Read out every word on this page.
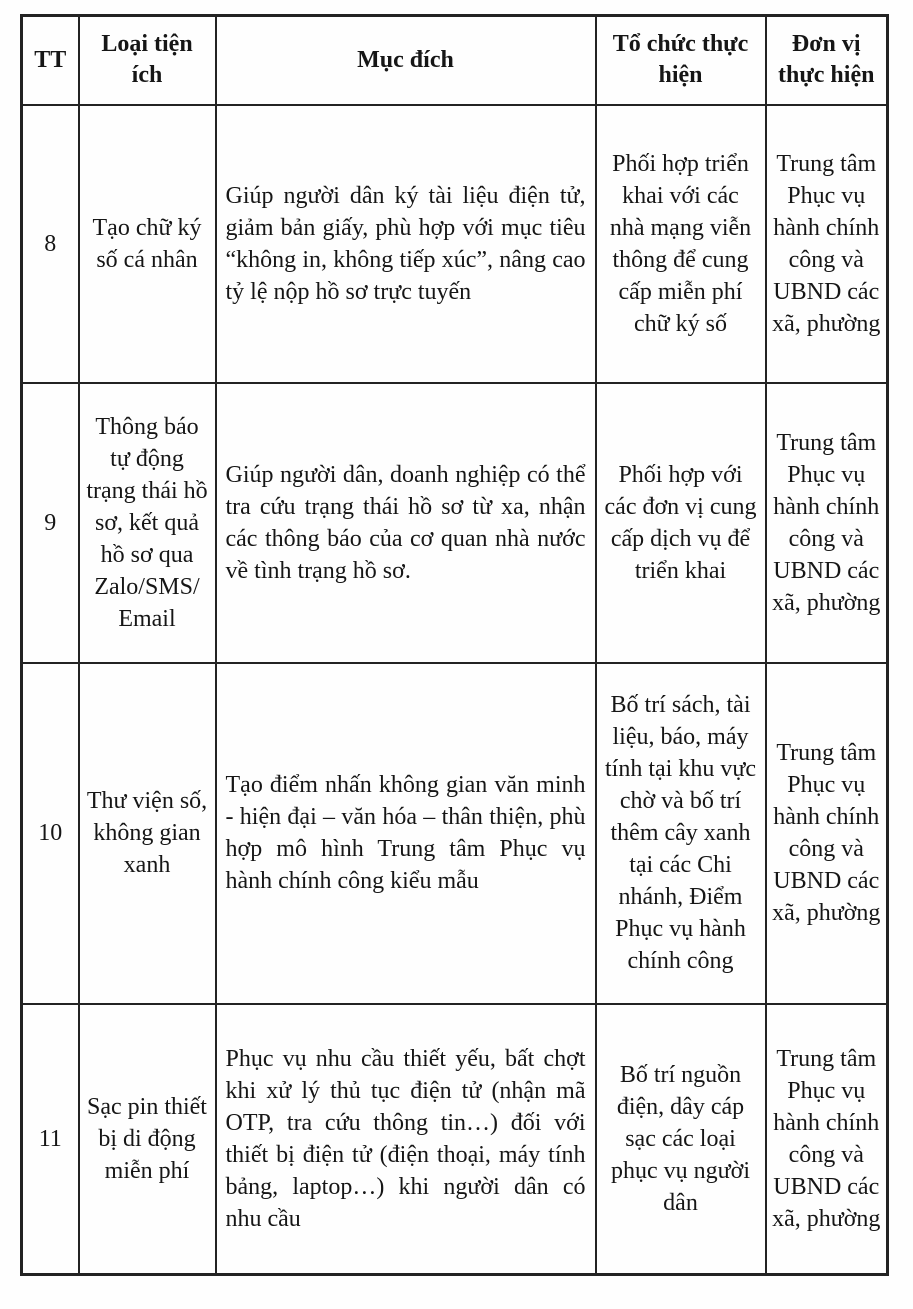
TT	Loại tiện ích	Mục đích	Tổ chức thực hiện	Đơn vị thực hiện
8	Tạo chữ ký số cá nhân	Giúp người dân ký tài liệu điện tử, giảm bản giấy, phù hợp với mục tiêu “không in, không tiếp xúc”, nâng cao tỷ lệ nộp hồ sơ trực tuyến	Phối hợp triển khai với các nhà mạng viễn thông để cung cấp miễn phí chữ ký số	Trung tâm Phục vụ hành chính công và UBND các xã, phường
9	Thông báo tự động trạng thái hồ sơ, kết quả hồ sơ qua Zalo/SMS/ Email	Giúp người dân, doanh nghiệp có thể tra cứu trạng thái hồ sơ từ xa, nhận các thông báo của cơ quan nhà nước về tình trạng hồ sơ.	Phối hợp với các đơn vị cung cấp dịch vụ để triển khai	Trung tâm Phục vụ hành chính công và UBND các xã, phường
10	Thư viện số, không gian xanh	Tạo điểm nhấn không gian văn minh - hiện đại – văn hóa – thân thiện, phù hợp mô hình Trung tâm Phục vụ hành chính công kiểu mẫu	Bố trí sách, tài liệu, báo, máy tính tại khu vực chờ và bố trí thêm cây xanh tại các Chi nhánh, Điểm Phục vụ hành chính công	Trung tâm Phục vụ hành chính công và UBND các xã, phường
11	Sạc pin thiết bị di động miễn phí	Phục vụ nhu cầu thiết yếu, bất chợt khi xử lý thủ tục điện tử (nhận mã OTP, tra cứu thông tin…) đối với thiết bị điện tử (điện thoại, máy tính bảng, laptop…) khi người dân có nhu cầu	Bố trí nguồn điện, dây cáp sạc các loại phục vụ người dân	Trung tâm Phục vụ hành chính công và UBND các xã, phường
